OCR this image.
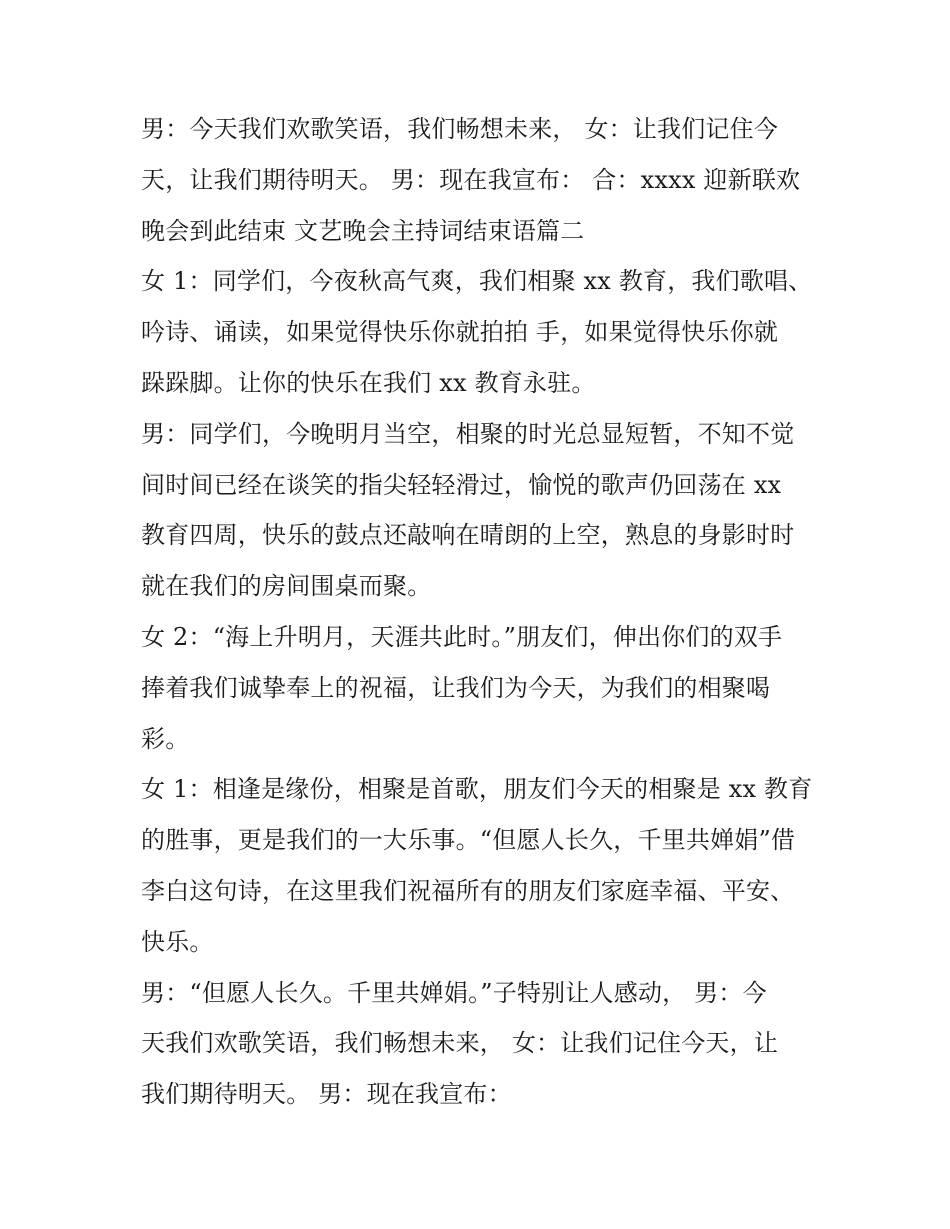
男：今天我们欢歌笑语，我们畅想未来， 女：让我们记住今
天，让我们期待明天。 男：现在我宣布： 合：xxxx 迎新联欢
晚会到此结束 文艺晚会主持词结束语篇二
女 1：同学们，今夜秋高气爽，我们相聚 xx 教育，我们歌唱、
吟诗、诵读，如果觉得快乐你就拍拍 手，如果觉得快乐你就
跺跺脚。让你的快乐在我们 xx 教育永驻。
男：同学们，今晚明月当空，相聚的时光总显短暂，不知不觉
间时间已经在谈笑的指尖轻轻滑过，愉悦的歌声仍回荡在 xx
教育四周，快乐的鼓点还敲响在晴朗的上空，熟息的身影时时
就在我们的房间围桌而聚。
女 2：“海上升明月，天涯共此时。”朋友们，伸出你们的双手
捧着我们诚挚奉上的祝福，让我们为今天，为我们的相聚喝
彩。
女 1：相逢是缘份，相聚是首歌，朋友们今天的相聚是 xx 教育
的胜事，更是我们的一大乐事。“但愿人长久，千里共婵娟”借
李白这句诗，在这里我们祝福所有的朋友们家庭幸福、平安、
快乐。
男：“但愿人长久。千里共婵娟。”子特别让人感动， 男：今
天我们欢歌笑语，我们畅想未来， 女：让我们记住今天，让
我们期待明天。 男：现在我宣布：
